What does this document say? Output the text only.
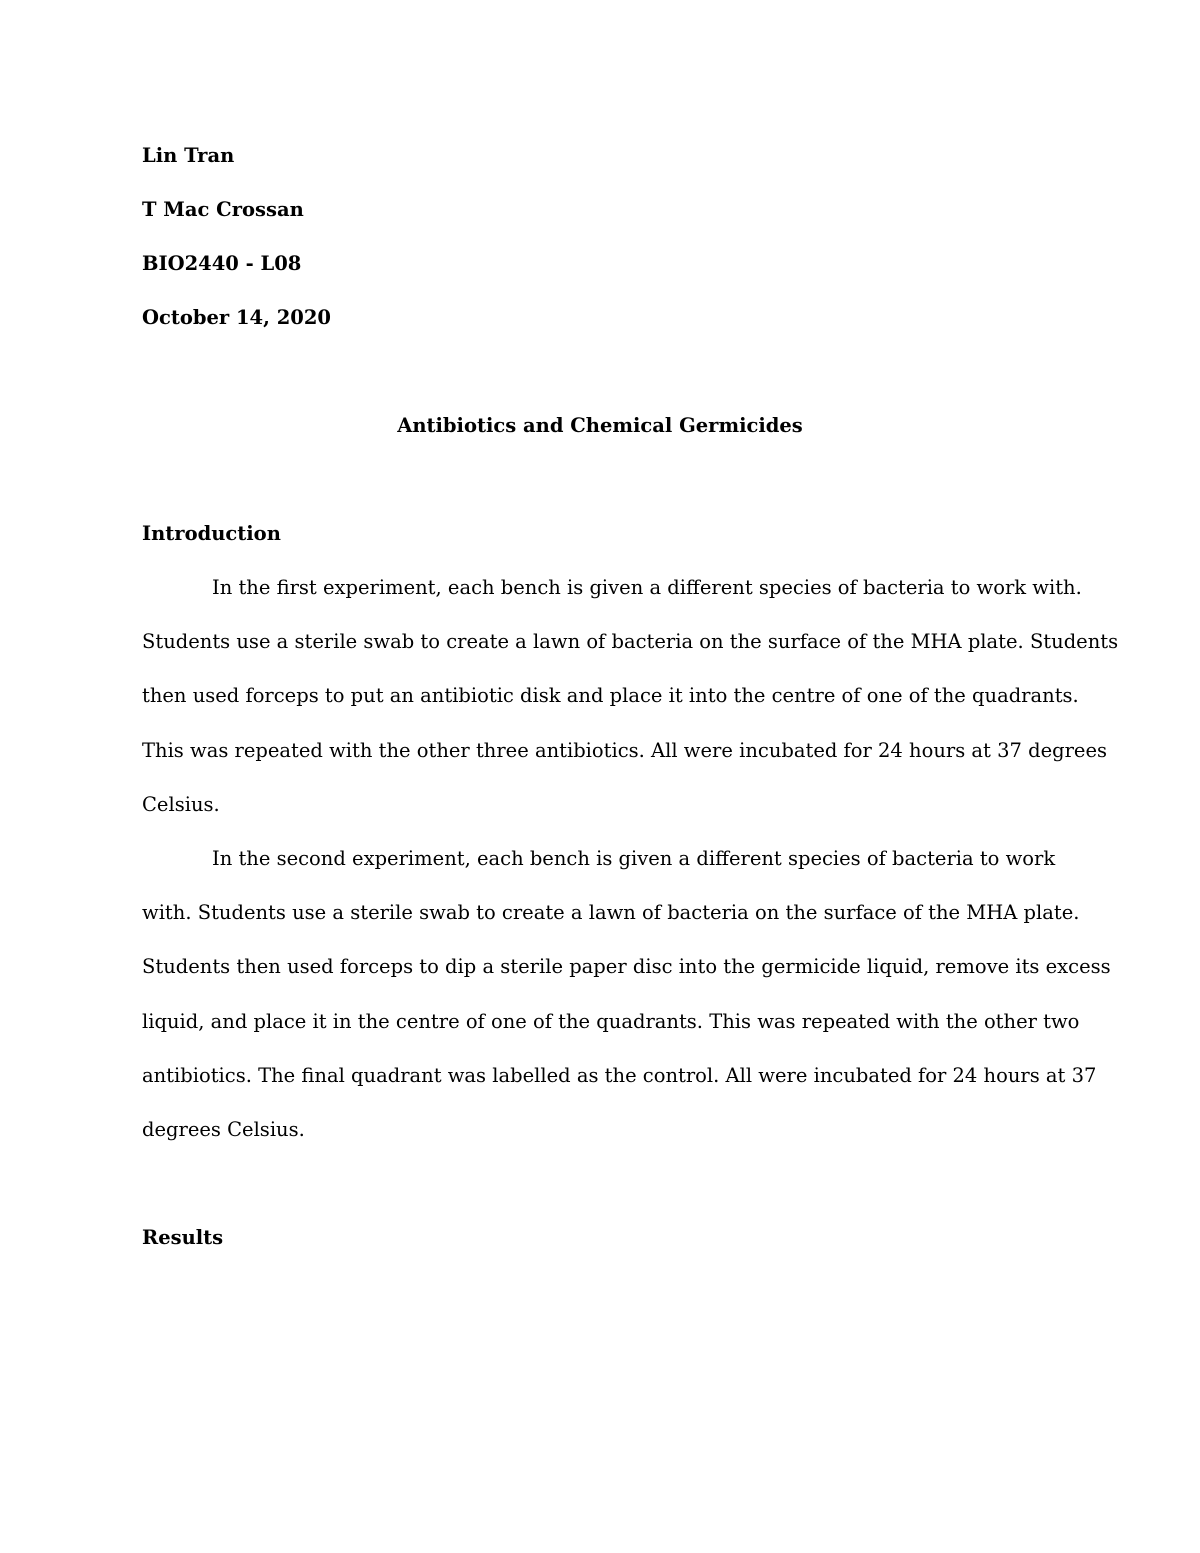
Lin Tran
T Mac Crossan
BIO2440 - L08
October 14, 2020
Antibiotics and Chemical Germicides
Introduction
In the first experiment, each bench is given a different species of bacteria to work with.
Students use a sterile swab to create a lawn of bacteria on the surface of the MHA plate. Students
then used forceps to put an antibiotic disk and place it into the centre of one of the quadrants.
This was repeated with the other three antibiotics. All were incubated for 24 hours at 37 degrees
Celsius.
In the second experiment, each bench is given a different species of bacteria to work
with. Students use a sterile swab to create a lawn of bacteria on the surface of the MHA plate.
Students then used forceps to dip a sterile paper disc into the germicide liquid, remove its excess
liquid, and place it in the centre of one of the quadrants. This was repeated with the other two
antibiotics. The final quadrant was labelled as the control. All were incubated for 24 hours at 37
degrees Celsius.
Results
